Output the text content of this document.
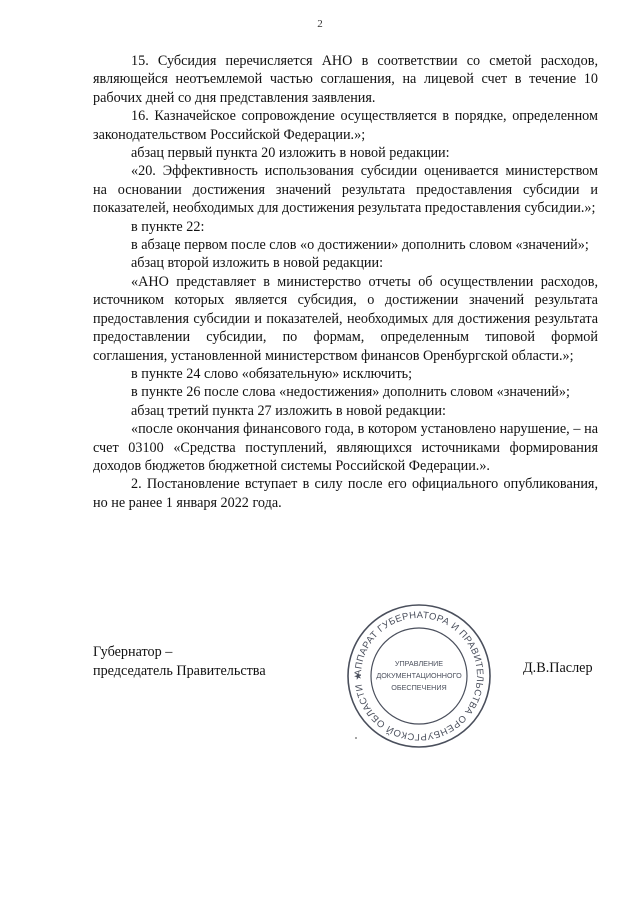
2

15. Субсидия перечисляется АНО в соответствии со сметой расходов, являющейся неотъемлемой частью соглашения, на лицевой счет в течение 10 рабочих дней со дня представления заявления.

16. Казначейское сопровождение осуществляется в порядке, определенном законодательством Российской Федерации.»;

абзац первый пункта 20 изложить в новой редакции:

«20. Эффективность использования субсидии оценивается министерством на основании достижения значений результата предоставления субсидии и показателей, необходимых для достижения результата предоставления субсидии.»;

в пункте 22:

в абзаце первом после слов «о достижении» дополнить словом «значений»;

абзац второй изложить в новой редакции:

«АНО представляет в министерство отчеты об осуществлении расходов, источником которых является субсидия, о достижении значений результата предоставления субсидии и показателей, необходимых для достижения результата предоставлении субсидии, по формам, определенным типовой формой соглашения, установленной министерством финансов Оренбургской области.»;

в пункте 24 слово «обязательную» исключить;

в пункте 26 после слова «недостижения» дополнить словом «значений»;

абзац третий пункта 27 изложить в новой редакции:

«после окончания финансового года, в котором установлено нарушение, – на счет 03100 «Средства поступлений, являющихся источниками формирования доходов бюджетов бюджетной системы Российской Федерации.».

2. Постановление вступает в силу после его официального опубликования, но не ранее 1 января 2022 года.

Губернатор –
председатель Правительства	АППАРАТ ГУБЕРНАТОРА И ПРАВИТЕЛЬСТВА ОРЕНБУРГСКОЙ ОБЛАСТИ ★
УПРАВЛЕНИЕ
ДОКУМЕНТАЦИОННОГО
ОБЕСПЕЧЕНИЯ
Д.В.Паслер
